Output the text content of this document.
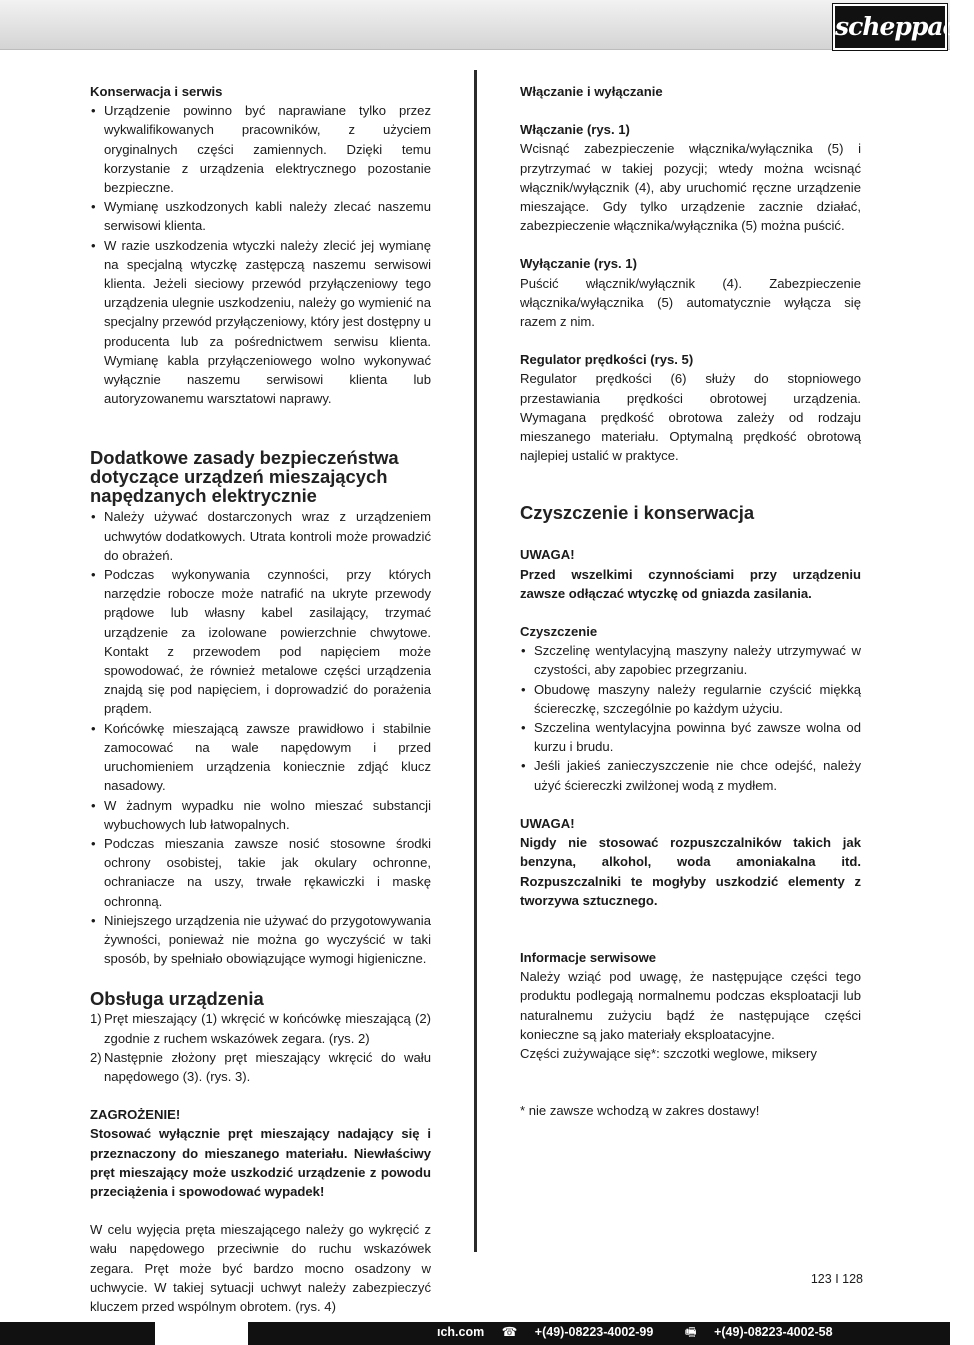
scheppach

Konserwacja i serwis

• Urządzenie powinno być naprawiane tylko przez wykwalifikowanych pracowników, z użyciem oryginalnych części zamiennych. Dzięki temu korzystanie z urządzenia elektrycznego pozostanie bezpieczne.
• Wymianę uszkodzonych kabli należy zlecać naszemu serwisowi klienta.
• W razie uszkodzenia wtyczki należy zlecić jej wymianę na specjalną wtyczkę zastępczą naszemu serwisowi klienta. Jeżeli sieciowy przewód przyłączeniowy tego urządzenia ulegnie uszkodzeniu, należy go wymienić na specjalny przewód przyłączeniowy, który jest dostępny u producenta lub za pośrednictwem serwisu klienta. Wymianę kabla przyłączeniowego wolno wykonywać wyłącznie naszemu serwisowi klienta lub autoryzowanemu warsztatowi naprawy.
Dodatkowe zasady bezpieczeństwa dotyczące urządzeń mieszających napędzanych elektrycznie
• Należy używać dostarczonych wraz z urządzeniem uchwytów dodatkowych. Utrata kontroli może prowadzić do obrażeń.
• Podczas wykonywania czynności, przy których narzędzie robocze może natrafić na ukryte przewody prądowe lub własny kabel zasilający, trzymać urządzenie za izolowane powierzchnie chwytowe. Kontakt z przewodem pod napięciem może spowodować, że również metalowe części urządzenia znajdą się pod napięciem, i doprowadzić do porażenia prądem.
• Końcówkę mieszającą zawsze prawidłowo i stabilnie zamocować na wale napędowym i przed uruchomieniem urządzenia koniecznie zdjąć klucz nasadowy.
• W żadnym wypadku nie wolno mieszać substancji wybuchowych lub łatwopalnych.
• Podczas mieszania zawsze nosić stosowne środki ochrony osobistej, takie jak okulary ochronne, ochraniacze na uszy, trwałe rękawiczki i maskę ochronną.
• Niniejszego urządzenia nie używać do przygotowywania żywności, ponieważ nie można go wyczyścić w taki sposób, by spełniało obowiązujące wymogi higieniczne.
Obsługa urządzenia
1) Pręt mieszający (1) wkręcić w końcówkę mieszającą (2) zgodnie z ruchem wskazówek zegara. (rys. 2)
2) Następnie złożony pręt mieszający wkręcić do wału napędowego (3). (rys. 3).

ZAGROŻENIE!

Stosować wyłącznie pręt mieszający nadający się i przeznaczony do mieszanego materiału. Niewłaściwy pręt mieszający może uszkodzić urządzenie z powodu przeciążenia i spowodować wypadek!

W celu wyjęcia pręta mieszającego należy go wykręcić z wału napędowego przeciwnie do ruchu wskazówek zegara. Pręt może być bardzo mocno osadzony w uchwycie. W takiej sytuacji uchwyt należy zabezpieczyć kluczem przed wspólnym obrotem. (rys. 4)

Włączanie i wyłączanie

Włączanie (rys. 1)

Wcisnąć zabezpieczenie włącznika/wyłącznika (5) i przytrzymać w takiej pozycji; wtedy można wcisnąć włącznik/wyłącznik (4), aby uruchomić ręczne urządzenie mieszające. Gdy tylko urządzenie zacznie działać, zabezpieczenie włącznika/wyłącznika (5) można puścić.

Wyłączanie (rys. 1)

Puścić włącznik/wyłącznik (4). Zabezpieczenie włącznika/wyłącznika (5) automatycznie wyłącza się razem z nim.

Regulator prędkości (rys. 5)

Regulator prędkości (6) służy do stopniowego przestawiania prędkości obrotowej urządzenia. Wymagana prędkość obrotowa zależy od rodzaju mieszanego materiału. Optymalną prędkość obrotową najlepiej ustalić w praktyce.

Czyszczenie i konserwacja

UWAGA!

Przed wszelkimi czynnościami przy urządzeniu zawsze odłączać wtyczkę od gniazda zasilania.

Czyszczenie

• Szczelinę wentylacyjną maszyny należy utrzymywać w czystości, aby zapobiec przegrzaniu.
• Obudowę maszyny należy regularnie czyścić miękką ściereczkę, szczególnie po każdym użyciu.
• Szczelina wentylacyjna powinna być zawsze wolna od kurzu i brudu.
• Jeśli jakieś zanieczyszczenie nie chce odejść, należy użyć ściereczki zwilżonej wodą z mydłem.

UWAGA!

Nigdy nie stosować rozpuszczalników takich jak benzyna, alkohol, woda amoniakalna itd. Rozpuszczalniki te mogłyby uszkodzić elementy z tworzywa sztucznego.

Informacje serwisowe

Należy wziąć pod uwagę, że następujące części tego produktu podlegają normalnemu podczas eksploatacji lub naturalnemu zużyciu bądź że następujące części konieczne są jako materiały eksploatacyjne.

Części zużywające się*: szczotki weglowe, miksery

* nie zawsze wchodzą w zakres dostawy!

123 I 128
ıch.com ☎ +(49)-08223-4002-99	🖷 +(49)-08223-4002-58
